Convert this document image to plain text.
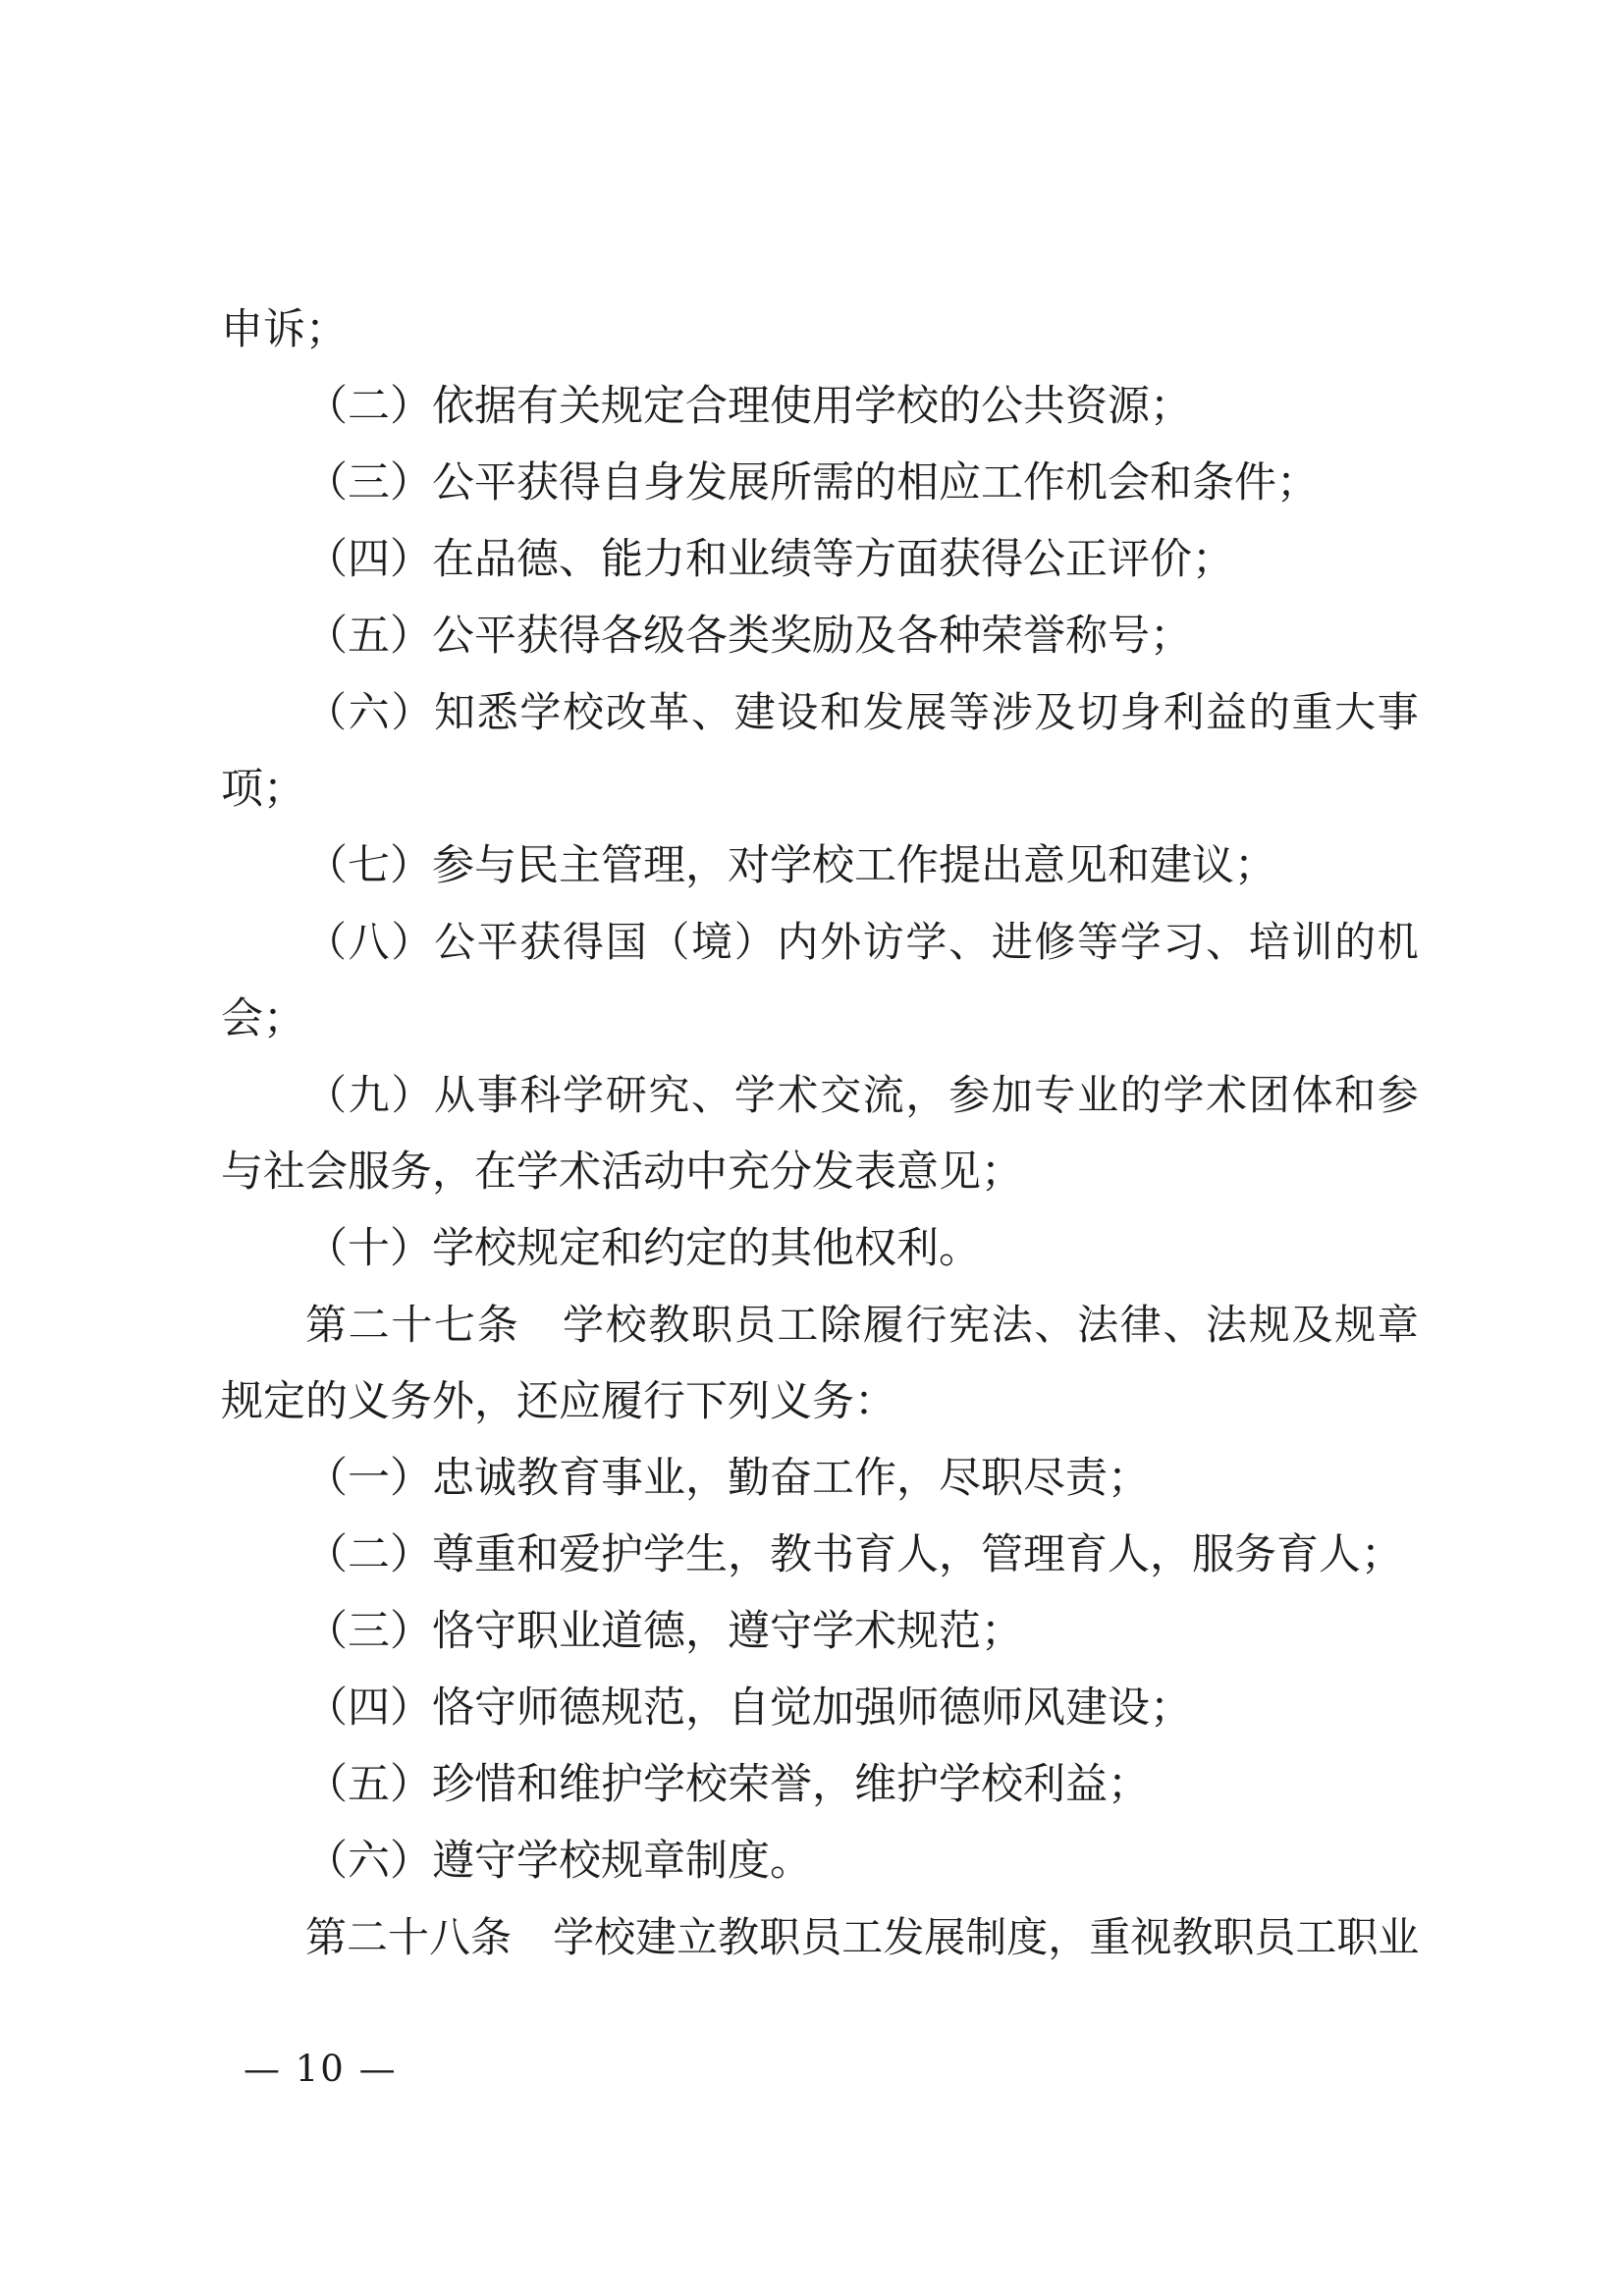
申诉；
（二）依据有关规定合理使用学校的公共资源；
（三）公平获得自身发展所需的相应工作机会和条件；
（四）在品德、能力和业绩等方面获得公正评价；
（五）公平获得各级各类奖励及各种荣誉称号；
（ 六 ） 知 悉 学 校 改 革 、 建 设 和 发 展 等 涉 及 切 身 利 益 的 重 大 事
项；
（七）参与民主管理，对学校工作提出意见和建议；
（ 八 ） 公 平 获 得 国 （ 境 ） 内 外 访 学 、 进 修 等 学 习 、 培 训 的 机
会；
（ 九 ） 从 事 科 学 研 究 、 学 术 交 流 ， 参 加 专 业 的 学 术 团 体 和 参
与社会服务，在学术活动中充分发表意见；
（十）学校规定和约定的其他权利。
第 二 十 七 条
　 学 校 教 职 员 工 除 履 行 宪 法 、 法 律 、 法 规 及 规 章
规定的义务外，还应履行下列义务：
（一）忠诚教育事业，勤奋工作，尽职尽责；
（二）尊重和爱护学生，教书育人，管理育人，服务育人；
（三）恪守职业道德，遵守学术规范；
（四）恪守师德规范，自觉加强师德师风建设；
（五）珍惜和维护学校荣誉，维护学校利益；
（六）遵守学校规章制度。
第 二 十 八 条
　 学 校 建 立 教 职 员 工 发 展 制 度 ， 重 视 教 职 员 工 职 业
— 10 —
